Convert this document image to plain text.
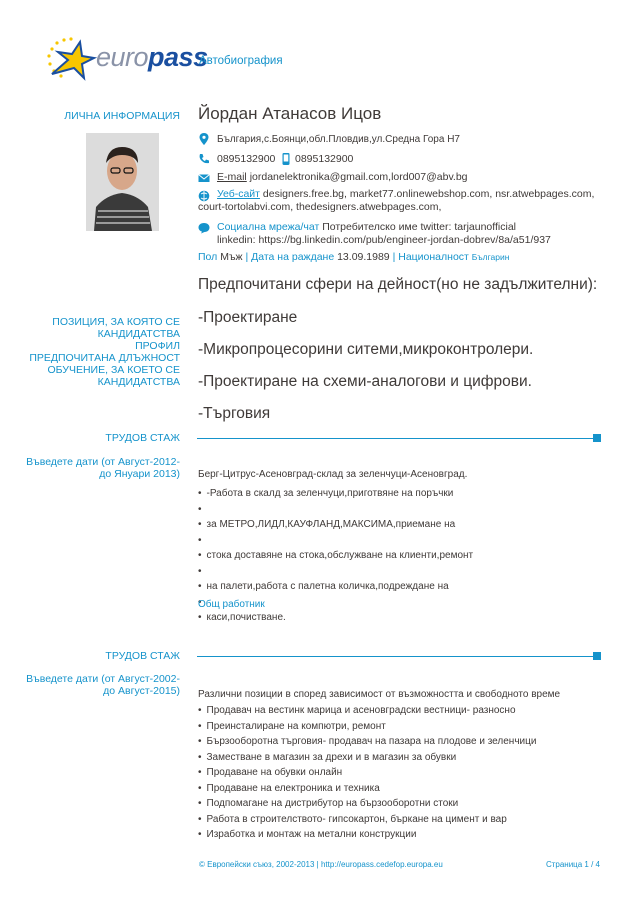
europass
Автобиография
ЛИЧНА ИНФОРМАЦИЯ Йордан Атанасов Ицов
България,с.Боянци,обл.Пловдив,ул.Средна Гора Н7
0895132900 0895132900
E-mail jordanelektronika@gmail.com,lord007@abv.bg
Уеб-сайт designers.free.bg, market77.onlinewebshop.com, nsr.atwebpages.com,
court-tortolabvi.com, thedesigners.atwebpages.com,
Социална мрежа/чат Потребителско име twitter: tarjaunofficial
linkedin: https://bg.linkedin.com/pub/engineer-jordan-dobrev/8a/a51/937
Пол Мъж | Дата на раждане 13.09.1989 | Националност Българин
Предпочитани сфери на дейност(но не задължителни):
ПОЗИЦИЯ, ЗА КОЯТО СЕ
КАНДИДАТСТВА
ПРОФИЛ
ПРЕДПОЧИТАНА ДЛЪЖНОСТ
ОБУЧЕНИЕ, ЗА КОЕТО СЕ
КАНДИДАТСТВА
-Проектиране
-Микропроцесорини ситеми,микроконтролери.
-Проектиране на схеми-аналогови и цифрови.
-Търговия
ТРУДОВ СТАЖ
Въведете дати (от Август-2012-
до Януари 2013) Берг-Цитрус-Асеновград-склад за зеленчуци-Асеновград.
• -Работа в скалд за зеленчуци,приготвяне на поръчки
•
• за МЕТРО,ЛИДЛ,КАУФЛАНД,МАКСИМА,приемане на
•
• стока доставяне на стока,обслужване на клиенти,ремонт
•
• на палети,работа с палетна количка,подреждане на
•
• каси,почистване.
Общ работник
ТРУДОВ СТАЖ
Въведете дати (от Август-2002-
до Август-2015) Различни позиции в според зависимост от възможността и свободното време
• Продавач на вестинк марица и асеновградски вестници- разносно
• Преинсталиране на компютри, ремонт
• Бързооборотна търговия- продавач на пазара на плодове и зеленчици
• Заместване в магазин за дрехи и в магазин за обувки
• Продаване на обувки онлайн
• Продаване на електроника и техника
• Подпомагане на дистрибутор на бързооборотни стоки
• Работа в строителството- гипсокартон, бъркане на цимент и вар
• Изработка и монтаж на метални конструкции
© Европейски съюз, 2002-2013 | http://europass.cedefop.europa.eu	Страница 1 / 4
